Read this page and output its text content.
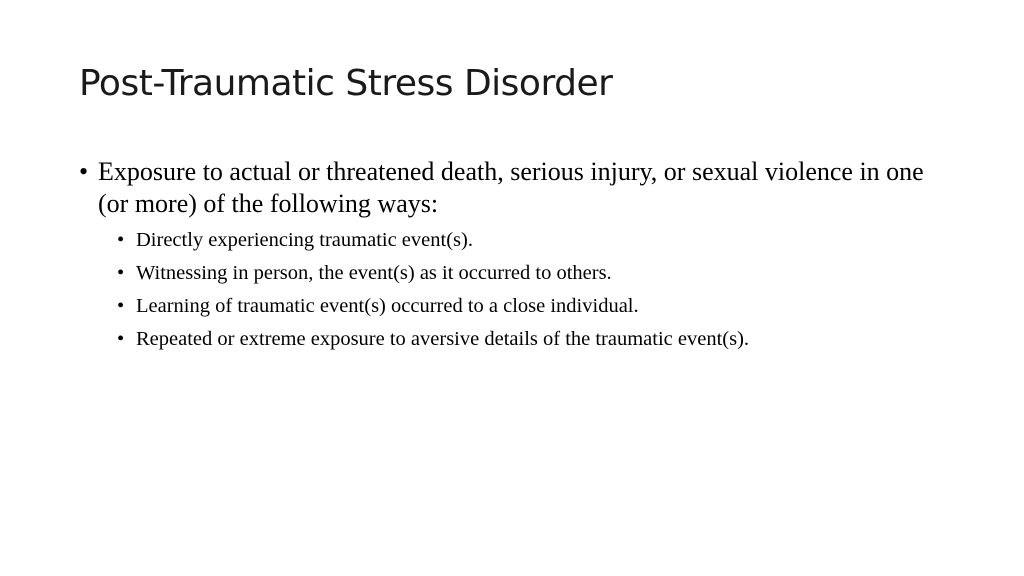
Post-Traumatic Stress Disorder
• Exposure to actual or threatened death, serious injury, or sexual violence in one (or more) of the following ways:
• Directly experiencing traumatic event(s).
• Witnessing in person, the event(s) as it occurred to others.
• Learning of traumatic event(s) occurred to a close individual.
• Repeated or extreme exposure to aversive details of the traumatic event(s).
